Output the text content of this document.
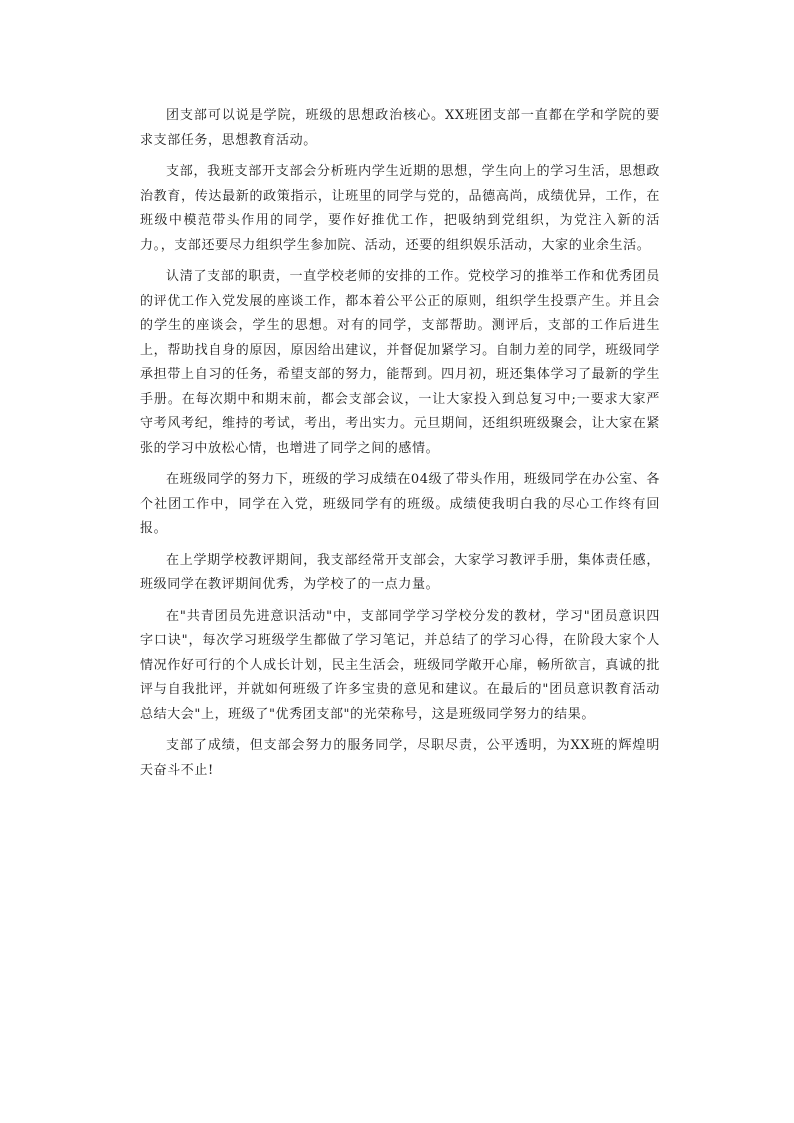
团支部可以说是学院，班级的思想政治核心。XX班团支部一直都在学和学院的要求支部任务，思想教育活动。

支部，我班支部开支部会分析班内学生近期的思想，学生向上的学习生活，思想政治教育，传达最新的政策指示，让班里的同学与党的，品德高尚，成绩优异，工作，在班级中模范带头作用的同学，要作好推优工作，把吸纳到党组织，为党注入新的活力。，支部还要尽力组织学生参加院、活动，还要的组织娱乐活动，大家的业余生活。

认清了支部的职责，一直学校老师的安排的工作。党校学习的推举工作和优秀团员的评优工作入党发展的座谈工作，都本着公平公正的原则，组织学生投票产生。并且会的学生的座谈会，学生的思想。对有的同学，支部帮助。测评后，支部的工作后进生上，帮助找自身的原因，原因给出建议，并督促加紧学习。自制力差的同学，班级同学承担带上自习的任务，希望支部的努力，能帮到。四月初，班还集体学习了最新的学生手册。在每次期中和期末前，都会支部会议，一让大家投入到总复习中;一要求大家严守考风考纪，维持的考试，考出，考出实力。元旦期间，还组织班级聚会，让大家在紧张的学习中放松心情，也增进了同学之间的感情。

在班级同学的努力下，班级的学习成绩在04级了带头作用，班级同学在办公室、各个社团工作中，同学在入党，班级同学有的班级。成绩使我明白我的尽心工作终有回报。

在上学期学校教评期间，我支部经常开支部会，大家学习教评手册，集体责任感，班级同学在教评期间优秀，为学校了的一点力量。

在"共青团员先进意识活动"中，支部同学学习学校分发的教材，学习"团员意识四字口诀"，每次学习班级学生都做了学习笔记，并总结了的学习心得，在阶段大家个人情况作好可行的个人成长计划，民主生活会，班级同学敞开心扉，畅所欲言，真诚的批评与自我批评，并就如何班级了许多宝贵的意见和建议。在最后的"团员意识教育活动总结大会"上，班级了"优秀团支部"的光荣称号，这是班级同学努力的结果。

支部了成绩，但支部会努力的服务同学，尽职尽责，公平透明，为XX班的辉煌明天奋斗不止!
